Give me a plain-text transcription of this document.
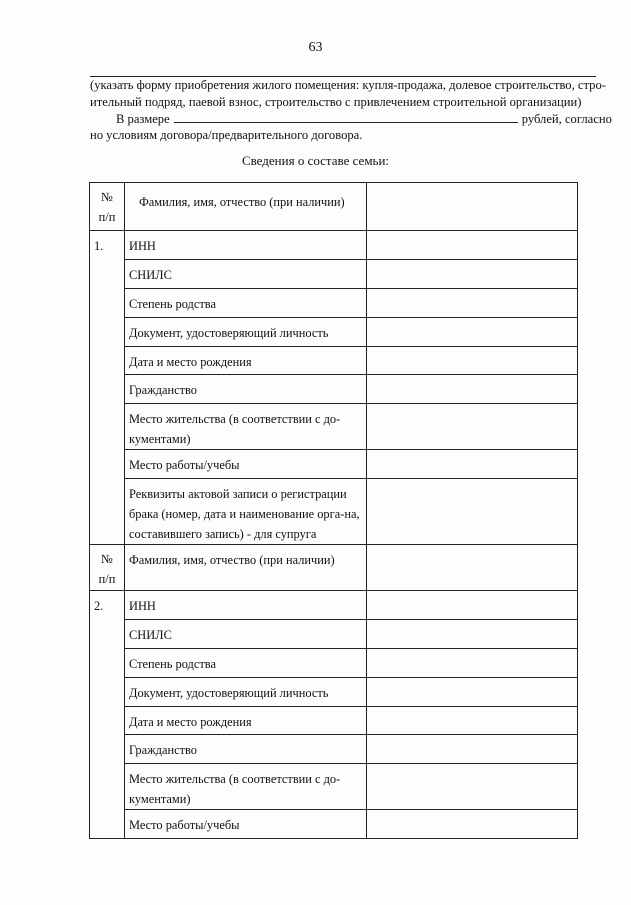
63
(указать форму приобретения жилого помещения: купля-продажа, долевое строительство, стро-
ительный подряд, паевой взнос, строительство с привлечением строительной организации)
В размере	рублей, согласно
но условиям договора/предварительного договора.
Сведения о составе семьи:
№
п/п	Фамилия, имя, отчество (при наличии)	

1.	ИНН	
	СНИЛС	
	Степень родства	
	Документ, удостоверяющий личность	
	Дата и место рождения	
	Гражданство	
	Место жительства (в соответствии с до-кументами)	
	Место работы/учебы	
	Реквизиты актовой записи о регистрации брака (номер, дата и наименование орга-на, составившего запись) - для супруга	

№
п/п	Фамилия, имя, отчество (при наличии)	

2.	ИНН	
	СНИЛС	
	Степень родства	
	Документ, удостоверяющий личность	
	Дата и место рождения	
	Гражданство	
	Место жительства (в соответствии с до-кументами)	
	Место работы/учебы	
